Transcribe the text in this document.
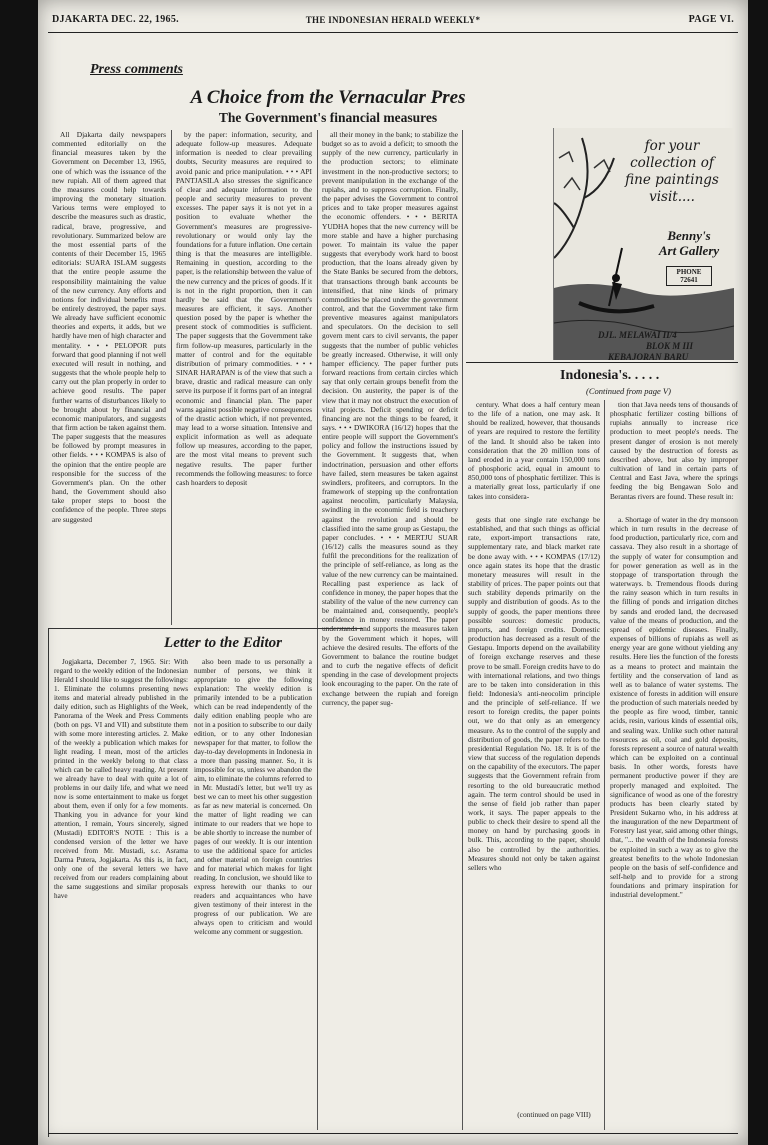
DJAKARTA DEC. 22, 1965.	THE INDONESIAN HERALD WEEKLY*	PAGE VI.
Press comments
A Choice from the Vernacular Pres
The Government's financial measures

All Djakarta daily newspapers commented editorially on the financial measures taken by the Government on December 13, 1965, one of which was the issuance of the new rupiah. All of them agreed that the measures could help towards improving the monetary situation. Various terms were employed to describe the measures such as drastic, radical, brave, progressive, and revolutionary. Summarized below are the most essential parts of the contents of their December 15, 1965 editorials: SUARA ISLAM suggests that the entire people assume the responsibility maintaining the value of the new currency. Any efforts and notions for individual benefits must be entirely destroyed, the paper says. We already have sufficient economic theories and experts, it adds, but we hardly have men of high character and mentality. • • • PELOPOR puts forward that good planning if not well executed will result in nothing, and suggests that the whole people help to carry out the plan properly in order to achieve good results. The paper further warns of disturbances likely to be brought about by financial and economic manipulators, and suggests that firm action be taken against them. The paper suggests that the measures be followed by prompt measures in other fields. • • • KOMPAS is also of the opinion that the entire people are responsible for the success of the Government's plan. On the other hand, the Government should also take proper steps to boost the confidence of the people. Three steps are suggested

by the paper: information, security, and adequate follow-up measures. Adequate information is needed to clear prevailing doubts, Security measures are required to avoid panic and price manipulation. • • • API PANTJASILA also stresses the significance of clear and adequate information to the people and security measures to prevent excesses. The paper says it is not yet in a position to evaluate whether the Government's measures are progressive-revolutionary or would only lay the foundations for a future inflation. One certain thing is that the measures are intelligible. Remaining in question, according to the paper, is the relationship between the value of the new currency and the prices of goods. If it is not in the right proportion, then it can hardly be said that the Government's measures are efficient, it says. Another question posed by the paper is whether the present stock of commodities is sufficient. The paper suggests that the Government take firm follow-up measures, particularly in the matter of control and for the equitable distribution of primary commodities. • • • SINAR HARAPAN is of the view that such a brave, drastic and radical measure can only serve its purpose if it forms part of an integral economic and financial plan. The paper warns against possible negative consequences of the drastic action which, if not prevented, may lead to a worse situation. Intensive and explicit information as well as adequate follow up measures, according to the paper, are the most vital means to prevent such negative results. The paper further recommends the following measures: to force cash hoarders to deposit

all their money in the bank; to stabilize the budget so as to avoid a deficit; to smooth the supply of the new currency, particularly in the production sectors; to eliminate investment in the non-productive sectors; to prevent manipulation in the exchange of the rupiahs, and to suppress corruption. Finally, the paper advises the Government to control prices and to take proper measures against the economic offenders. • • • BERITA YUDHA hopes that the new currency will be more stable and have a higher purchasing power. To maintain its value the paper suggests that everybody work hard to boost production, that the loans already given by the State Banks be secured from the debtors, that transactions through bank accounts be intensified, that nine kinds of primary commodities be placed under the government control, and that the Government take firm preventive measures against manipulators and speculators. On the decision to sell govern ment cars to civil servants, the paper suggests that the number of public vehicles be greatly increased. Otherwise, it will only hamper efficiency. The paper further puts forward reactions from certain circles which say that only certain groups benefit from the decision. On austerity, the paper is of the view that it may not obstruct the execution of vital projects. Deficit spending or deficit financing are not the things to be feared, it says. • • • DWIKORA (16/12) hopes that the entire people will support the Government's policy and follow the instructions issued by the Government. It suggests that, when indoctrination, persuasion and other efforts have failed, stern measures be taken against swindlers, profiteers, and corruptors. In the framework of stepping up the confrontation against neocolim, particularly Malaysia, swindling in the economic field is treachery against the revolution and should be classified into the same group as Gestapu, the paper concludes. • • • MERTJU SUAR (16/12) calls the measures sound as they fulfil the preconditions for the realization of the principle of self-reliance, as long as the value of the new currency can be maintained. Recalling past experience as lack of confidence in money, the paper hopes that the stability of the value of the new currency can be maintained and, consequently, people's confidence in money restored. The paper understands and supports the measures taken by the Government which it hopes, will achieve the desired results. The efforts of the Government to balance the routine budget and to curb the negative effects of deficit spending in the case of development projects look encouraging to the paper. On the rate of exchange between the rupiah and foreign currency, the paper sug-

for your
collection of
fine paintings
visit....
Benny's
Art Gallery
PHONE
72641
DJL. MELAWAI II/4
BLOK M III
KEBAJORAN BARU
Indonesia's. . . . .
(Continued from page V)

century. What does a half century mean to the life of a nation, one may ask. It should be realized, however, that thousands of years are required to restore the fertility of the land. It should also be taken into consideration that the 20 million tons of land eroded in a year contain 150,000 tons of phosphoric acid, equal in amount to 850,000 tons of phosphatic fertilizer. This is a materially great loss, particularly if one takes into considera-

tion that Java needs tens of thousands of phosphatic fertilizer costing billions of rupiahs annually to increase rice production to meet people's needs. The present danger of erosion is not merely caused by the destruction of forests as described above, but also by improper cultivation of land in certain parts of Central and East Java, where the springs feeding the big Bengawan Solo and Berantas rivers are found. These result in:

gests that one single rate exchange be established, and that such things as official rate, export-import transactions rate, supplementary rate, and black market rate be done away with. • • • KOMPAS (17/12) once again states its hope that the drastic monetary measures will result in the stability of prices. The paper points out that such stability depends primarily on the supply and distribution of goods. As to the supply of goods, the paper mentions three possible sources: domestic products, imports, and foreign credits. Domestic production has decreased as a result of the Gestapu. Imports depend on the availability of foreign exchange reserves and these prove to be small. Foreign credits have to do with international relations, and two things are to be taken into consideration in this field: Indonesia's anti-neocolim principle and the principle of self-reliance. If we resort to foreign credits, the paper points out, we do that only as an emergency measure. As to the control of the supply and distribution of goods, the paper refers to the presidential Regulation No. 18. It is of the view that success of the regulation depends on the capability of the executors. The paper suggests that the Government refrain from resorting to the old bureaucratic method again. The term control should be used in the sense of field job rather than paper work, it says. The paper appeals to the public to check their desire to spend all the money on hand by purchasing goods in bulk. This, according to the paper, should also be controlled by the authorities. Measures should not only be taken against sellers who

(continued on page VIII)

a. Shortage of water in the dry monsoon which in turn results in the decrease of food production, particularly rice, corn and cassava. They also result in a shortage of the supply of water for consumption and for power generation as well as in the stoppage of transportation through the waterways. b. Tremendous floods during the rainy season which in turn results in the filling of ponds and irrigation ditches by sands and eroded land, the decreased value of the means of production, and the spread of epidemic diseases. Finally, expenses of billions of rupiahs as well as energy year are gone without yielding any results. Here lies the function of the forests as a means to protect and maintain the fertility and the conservation of land as well as to balance of water systems. The existence of forests in addition will ensure the production of such materials needed by the people as fire wood, timber, tannic acids, resin, various kinds of essential oils, and sealing wax. Unlike such other natural resources as oil, coal and gold deposits, forests represent a source of natural wealth which can be exploited on a continual basis. In other words, forests have permanent productive power if they are properly managed and exploited. The significance of wood as one of the forestry products has been clearly stated by President Sukarno who, in his address at the inauguration of the new Department of Forestry last year, said among other things, that, "... the wealth of the Indonesia forests be exploited in such a way as to give the greatest benefits to the whole Indonesian people on the basis of self-confidence and self-help and to provide for a strong foundations and primary inspiration for industrial development."

Letter to the Editor

Jogjakarta, December 7, 1965. Sir: With regard to the weekly edition of the Indonesian Herald I should like to suggest the followings: 1. Eliminate the columns presenting news items and material already published in the daily edition, such as Highlights of the Week, Panorama of the Week and Press Comments (both on pgs. VI and VII) and substitute them with some more interesting articles. 2. Make of the weekly a publication which makes for light reading. I mean, most of the articles printed in the weekly belong to that class which can be called heavy reading. At present we already have to deal with quite a lot of problems in our daily life, and what we need now is some entertainment to make us forget about them, even if only for a few moments. Thanking you in advance for your kind attention, I remain, Yours sincerely, signed (Mustadi) EDITOR'S NOTE : This is a condensed version of the letter we have received from Mr. Mustadi, s.c. Asrama Darma Putera, Jogjakarta. As this is, in fact, only one of the several letters we have received from our readers complaining about the same suggestions and similar proposals have

also been made to us personally a number of persons, we think it appropriate to give the following explanation: The weekly edition is primarily intended to be a publication which can be read independently of the daily edition enabling people who are not in a position to subscribe to our daily edition, or to any other Indonesian newspaper for that matter, to follow the day-to-day developments in Indonesia in a more than passing manner. So, it is impossible for us, unless we abandon the aim, to eliminate the columns referred to in Mr. Mustadi's letter, but we'll try as best we can to meet his other suggestion as far as new material is concerned. On the matter of light reading we can intimate to our readers that we hope to be able shortly to increase the number of pages of our weekly. It is our intention to use the additional space for articles and other material on foreign countries and for material which makes for light reading. In conclusion, we should like to express herewith our thanks to our readers and acquaintances who have given testimony of their interest in the progress of our publication. We are always open to criticism and would welcome any comment or suggestion.
